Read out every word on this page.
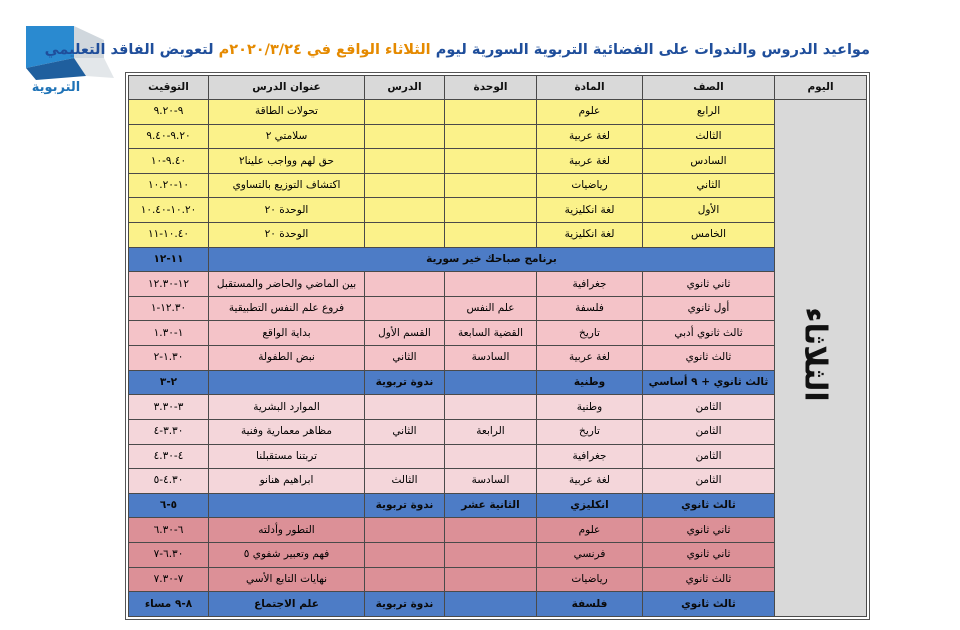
التربوية
مواعيد الدروس والندوات على الفضائية التربوية السورية ليوم الثلاثاء الواقع في ٢٠٢٠/٣/٢٤م لتعويض الفاقد التعليمي
اليوم	الصف	المادة	الوحدة	الدرس	عنوان الدرس	التوقيت
الثلاثاء	الرابع	علوم			تحولات الطاقة	٩-٩.٢٠
	الثالث	لغة عربية			سلامتي ٢	٩.٢٠-٩.٤٠
	السادس	لغة عربية			حق لهم وواجب علينا٢	٩.٤٠-١٠
	الثاني	رياضيات			اكتشاف التوزيع بالتساوي	١٠-١٠.٢٠
	الأول	لغة انكليزية			الوحدة ٢٠	١٠.٢٠-١٠.٤٠
	الخامس	لغة انكليزية			الوحدة ٢٠	١٠.٤٠-١١
	برنامج صباحك خير سورية					١١-١٢
	ثاني ثانوي	جغرافية			بين الماضي والحاضر والمستقبل	١٢-١٢.٣٠
	أول ثانوي	فلسفة	علم النفس		فروع علم النفس التطبيقية	١٢.٣٠-١
	ثالث ثانوي أدبي	تاريخ	القضية السابعة	القسم الأول	بداية الواقع	١-١.٣٠
	ثالث ثانوي	لغة عربية	السادسة	الثاني	نبض الطفولة	١.٣٠-٢
	ثالث ثانوي + ٩ أساسي	وطنية		ندوة تربوية		٢-٣
	الثامن	وطنية			الموارد البشرية	٣-٣.٣٠
	الثامن	تاريخ	الرابعة	الثاني	مظاهر معمارية وفنية	٣.٣٠-٤
	الثامن	جغرافية			تربتنا مستقبلنا	٤-٤.٣٠
	الثامن	لغة عربية	السادسة	الثالث	ابراهيم هنانو	٤.٣٠-٥
	ثالث ثانوي	انكليزي	الثانية عشر	ندوة تربوية		٥-٦
	ثاني ثانوي	علوم			التطور وأدلته	٦-٦.٣٠
	ثاني ثانوي	فرنسي			فهم وتعبير شفوي ٥	٦.٣٠-٧
	ثالث ثانوي	رياضيات			نهايات التابع الأسي	٧-٧.٣٠
	ثالث ثانوي	فلسفة		ندوة تربوية	علم الاجتماع	٨-٩ مساء
